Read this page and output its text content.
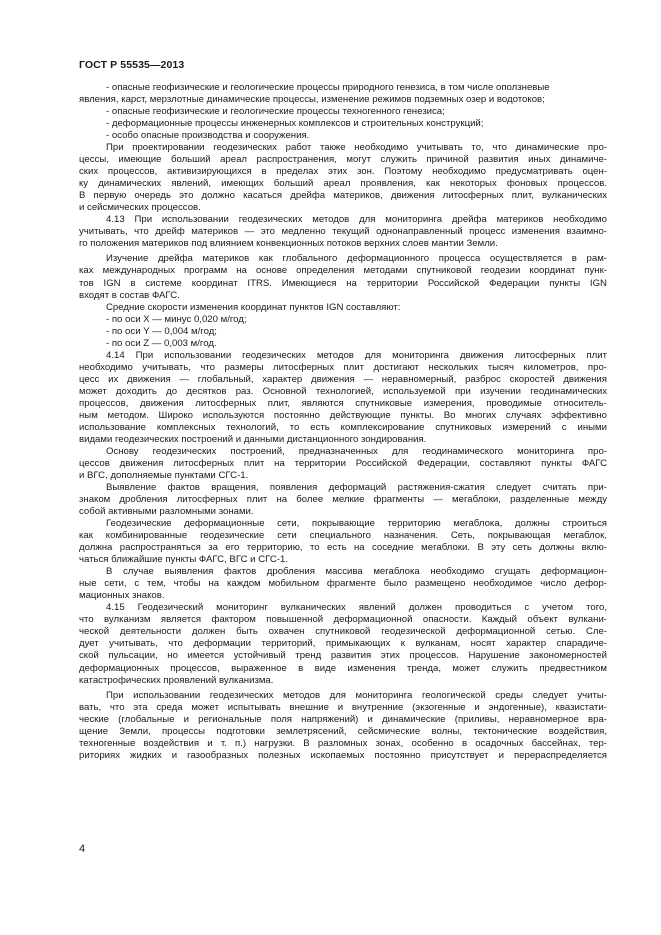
ГОСТ Р 55535—2013
- опасные геофизические и геологические процессы природного генезиса, в том числе оползневые
явления, карст, мерзлотные динамические процессы, изменение режимов подземных озер и водотоков;
- опасные геофизические и геологические процессы техногенного генезиса;
- деформационные процессы инженерных комплексов и строительных конструкций;
- особо опасные производства и сооружения.
При проектировании геодезических работ также необходимо учитывать то, что динамические про-
цессы, имеющие больший ареал распространения, могут служить причиной развития иных динамиче-
ских процессов, активизирующихся в пределах этих зон. Поэтому необходимо предусматривать оцен-
ку динамических явлений, имеющих больший ареал проявления, как некоторых фоновых процессов.
В первую очередь это должно касаться дрейфа материков, движения литосферных плит, вулканических
и сейсмических процессов.
4.13 При использовании геодезических методов для мониторинга дрейфа материков необходимо
учитывать, что дрейф материков — это медленно текущий однонаправленный процесс изменения взаимно-
го положения материков под влиянием конвекционных потоков верхних слоев мантии Земли.
Изучение дрейфа материков как глобального деформационного процесса осуществляется в рам-
ках международных программ на основе определения методами спутниковой геодезии координат пунк-
тов IGN в системе координат ITRS. Имеющиеся на территории Российской Федерации пункты IGN
входят в состав ФАГС.
Средние скорости изменения координат пунктов IGN составляют:
- по оси X — минус 0,020 м/год;
- по оси Y — 0,004 м/год;
- по оси Z — 0,003 м/год.
4.14 При использовании геодезических методов для мониторинга движения литосферных плит
необходимо учитывать, что размеры литосферных плит достигают нескольких тысяч километров, про-
цесс их движения — глобальный, характер движения — неравномерный, разброс скоростей движения
может доходить до десятков раз. Основной технологией, используемой при изучении геодинамических
процессов, движения литосферных плит, являются спутниковые измерения, проводимые относитель-
ным методом. Широко используются постоянно действующие пункты. Во многих случаях эффективно
использование комплексных технологий, то есть комплексирование спутниковых измерений с иными
видами геодезических построений и данными дистанционного зондирования.
Основу геодезических построений, предназначенных для геодинамического мониторинга про-
цессов движения литосферных плит на территории Российской Федерации, составляют пункты ФАГС
и ВГС, дополняемые пунктами СГС-1.
Выявление фактов вращения, появления деформаций растяжения-сжатия следует считать при-
знаком дробления литосферных плит на более мелкие фрагменты — мегаблоки, разделенные между
собой активными разломными зонами.
Геодезические деформационные сети, покрывающие территорию мегаблока, должны строиться
как комбинированные геодезические сети специального назначения. Сеть, покрывающая мегаблок,
должна распространяться за его территорию, то есть на соседние мегаблоки. В эту сеть должны вклю-
чаться ближайшие пункты ФАГС, ВГС и СГС-1.
В случае выявления фактов дробления массива мегаблока необходимо сгущать деформацион-
ные сети, с тем, чтобы на каждом мобильном фрагменте было размещено необходимое число дефор-
мационных знаков.
4.15 Геодезический мониторинг вулканических явлений должен проводиться с учетом того,
что вулканизм является фактором повышенной деформационной опасности. Каждый объект вулкани-
ческой деятельности должен быть охвачен спутниковой геодезической деформационной сетью. Сле-
дует учитывать, что деформации территорий, примыкающих к вулканам, носят характер спарадиче-
ской пульсации, но имеется устойчивый тренд развития этих процессов. Нарушение закономерностей
деформационных процессов, выраженное в виде изменения тренда, может служить предвестником
катастрофических проявлений вулканизма.
При использовании геодезических методов для мониторинга геологической среды следует учиты-
вать, что эта среда может испытывать внешние и внутренние (экзогенные и эндогенные), квазистати-
ческие (глобальные и региональные поля напряжений) и динамические (приливы, неравномерное вра-
щение Земли, процессы подготовки землетрясений, сейсмические волны, тектонические воздействия,
техногенные воздействия и т. п.) нагрузки. В разломных зонах, особенно в осадочных бассейнах, тер-
риториях жидких и газообразных полезных ископаемых постоянно присутствует и перераспределяется
4
